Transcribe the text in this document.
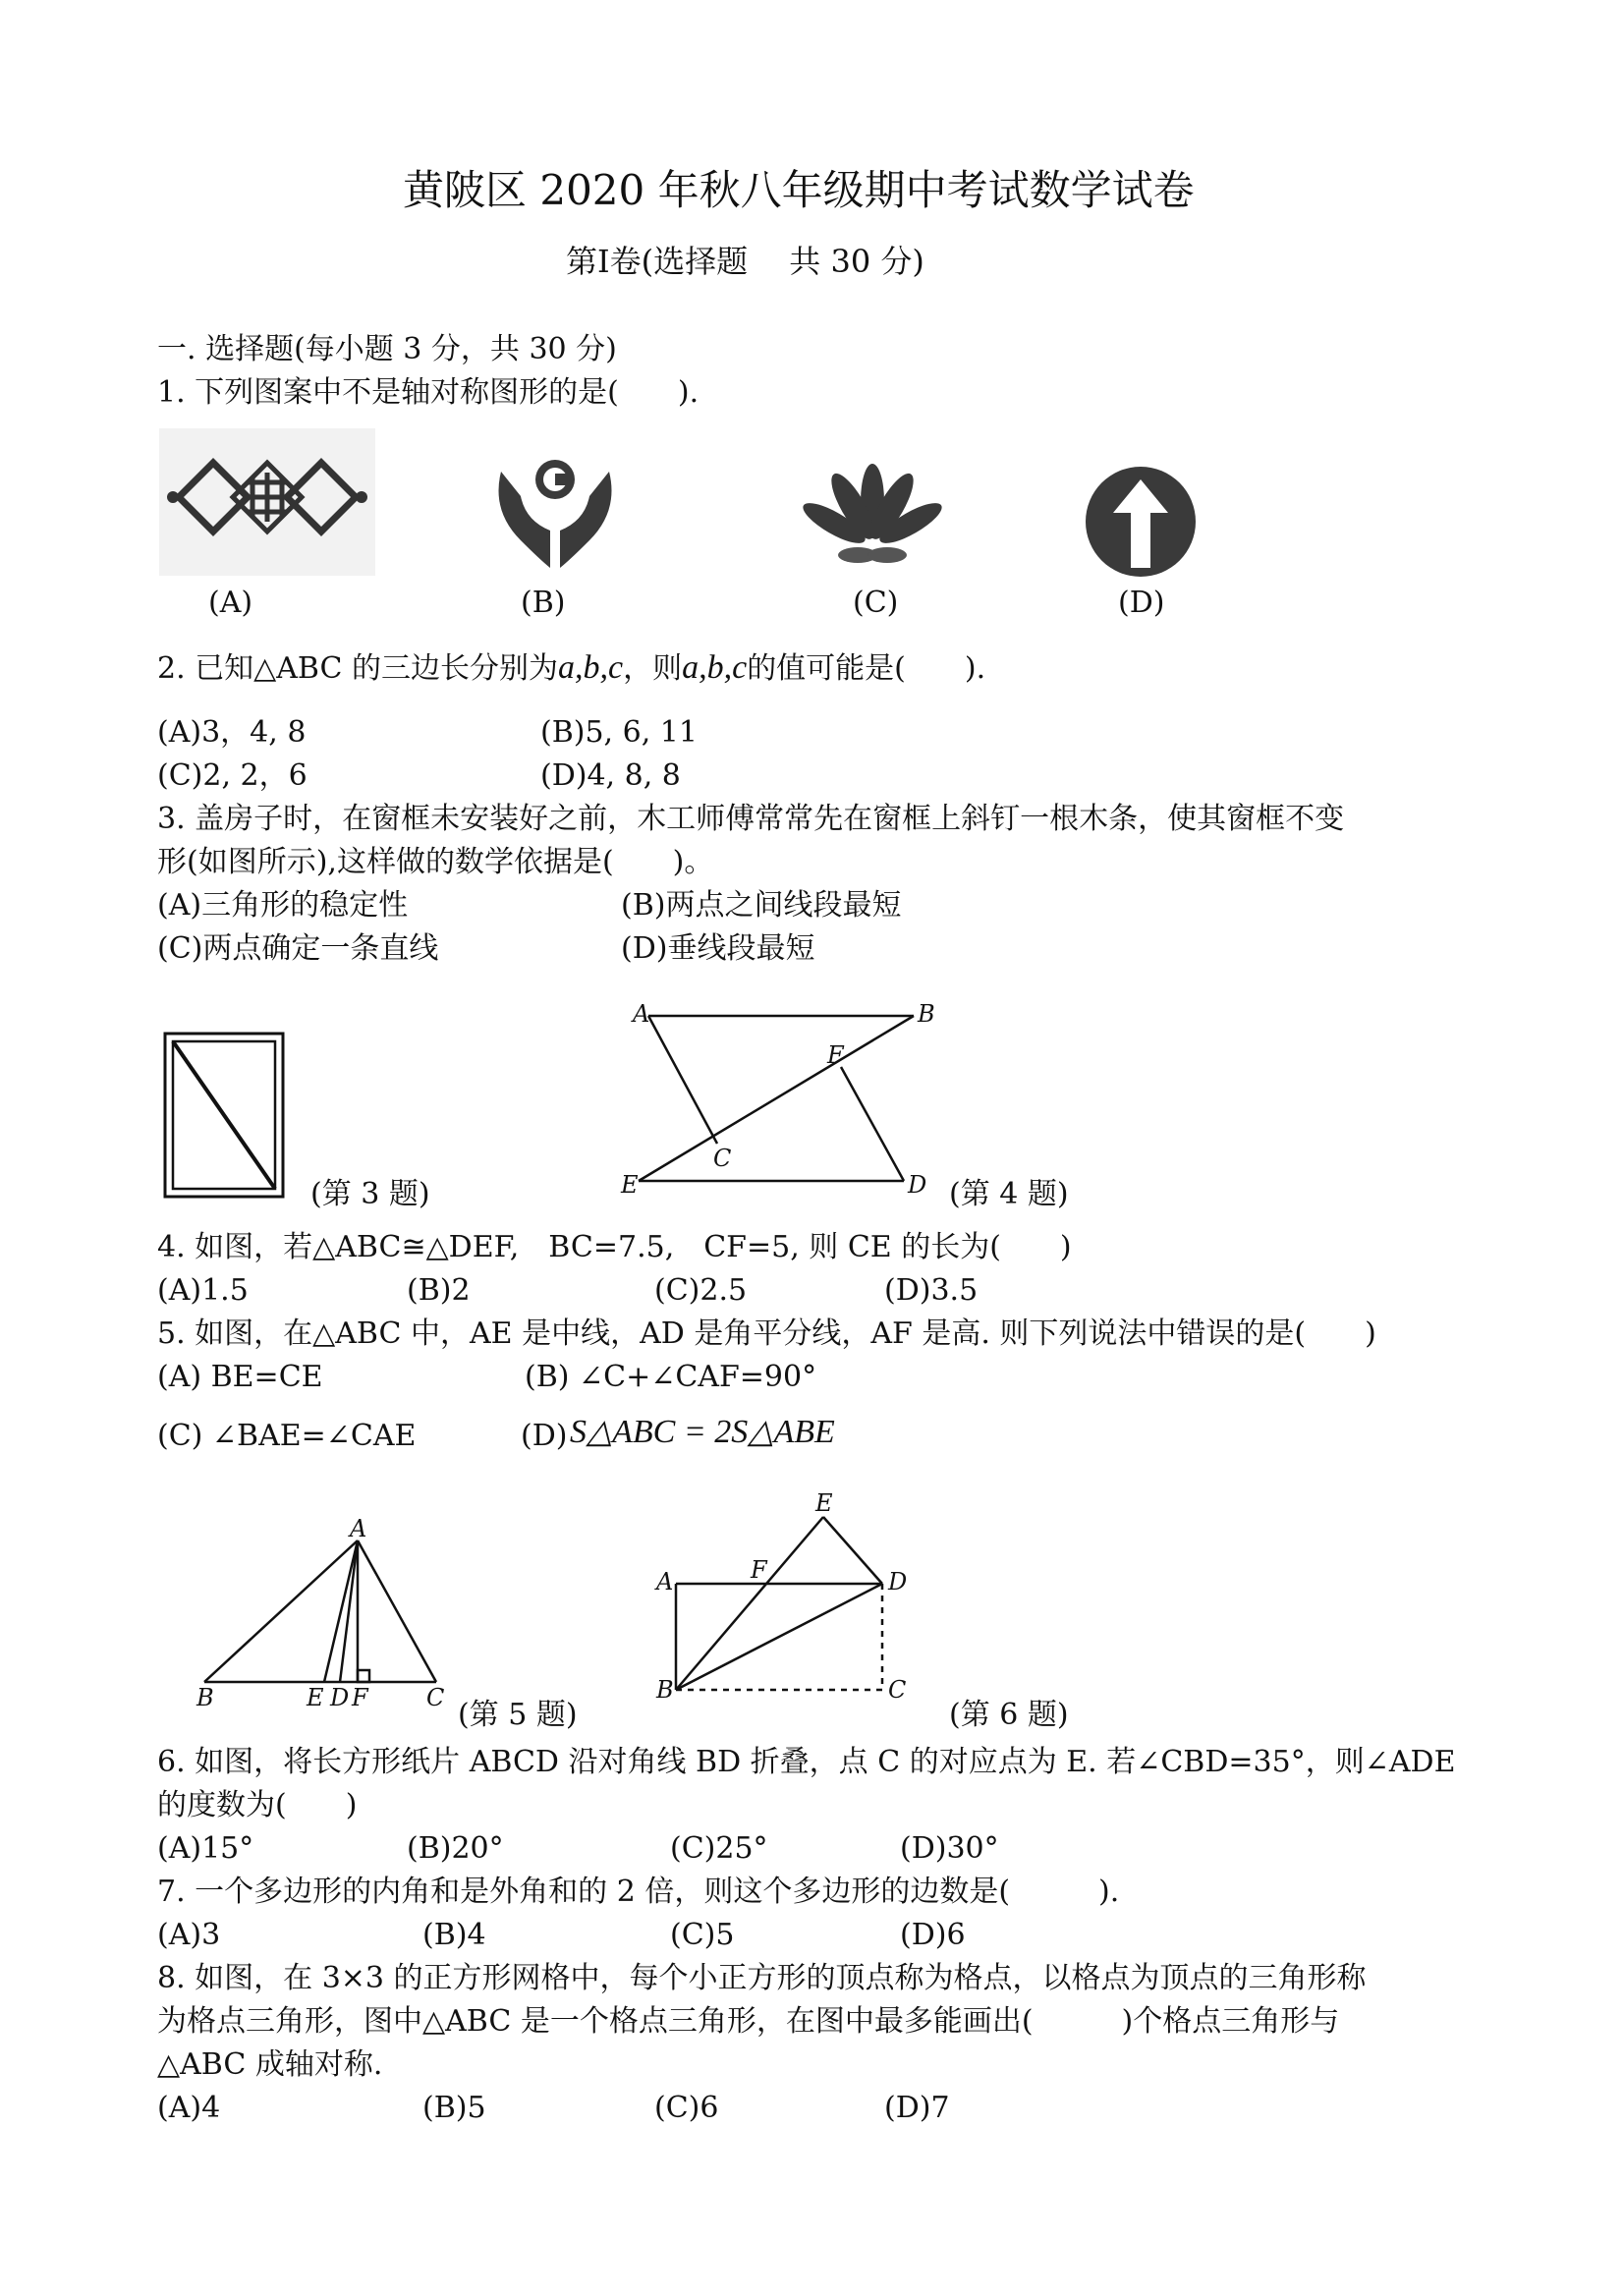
黄陂区 2020 年秋八年级期中考试数学试卷
第Ⅰ卷(选择题　 共 30 分)
一. 选择题(每小题 3 分，共 30 分)
1. 下列图案中不是轴对称图形的是(　　).
(A)	(B)	(C)	(D)
2. 已知△ABC 的三边长分别为a,b,c，则a,b,c的值可能是(　　).
(A)3，4, 8	(B)5, 6, 11
(C)2, 2，6	(D)4, 8, 8
3. 盖房子时，在窗框未安装好之前，木工师傅常常先在窗框上斜钉一根木条，使其窗框不变
形(如图所示),这样做的数学依据是(　　)。
(A)三角形的稳定性	(B)两点之间线段最短
(C)两点确定一条直线	(D)垂线段最短
(第 3 题)
A	B
F
C
E	D (第 4 题)
4. 如图，若△ABC≅△DEF,　BC=7.5,　CF=5, 则 CE 的长为(　　)
(A)1.5	(B)2	(C)2.5	(D)3.5
5. 如图，在△ABC 中，AE 是中线，AD 是角平分线，AF 是高. 则下列说法中错误的是(　　)
(A) BE=CE	(B) ∠C+∠CAF=90°
(C) ∠BAE=∠CAE	(D) S△ABC = 2S△ABE
A
B	E D F C (第 5 题)
E
A	F	D
B	C
(第 6 题)
6. 如图，将长方形纸片 ABCD 沿对角线 BD 折叠，点 C 的对应点为 E. 若∠CBD=35°，则∠ADE
的度数为(　　)
(A)15°	(B)20°	(C)25°	(D)30°
7. 一个多边形的内角和是外角和的 2 倍，则这个多边形的边数是(　　　).
(A)3	(B)4	(C)5	(D)6
8. 如图，在 3×3 的正方形网格中，每个小正方形的顶点称为格点，以格点为顶点的三角形称
为格点三角形，图中△ABC 是一个格点三角形，在图中最多能画出(　　　)个格点三角形与
△ABC 成轴对称.
(A)4	(B)5	(C)6	(D)7
